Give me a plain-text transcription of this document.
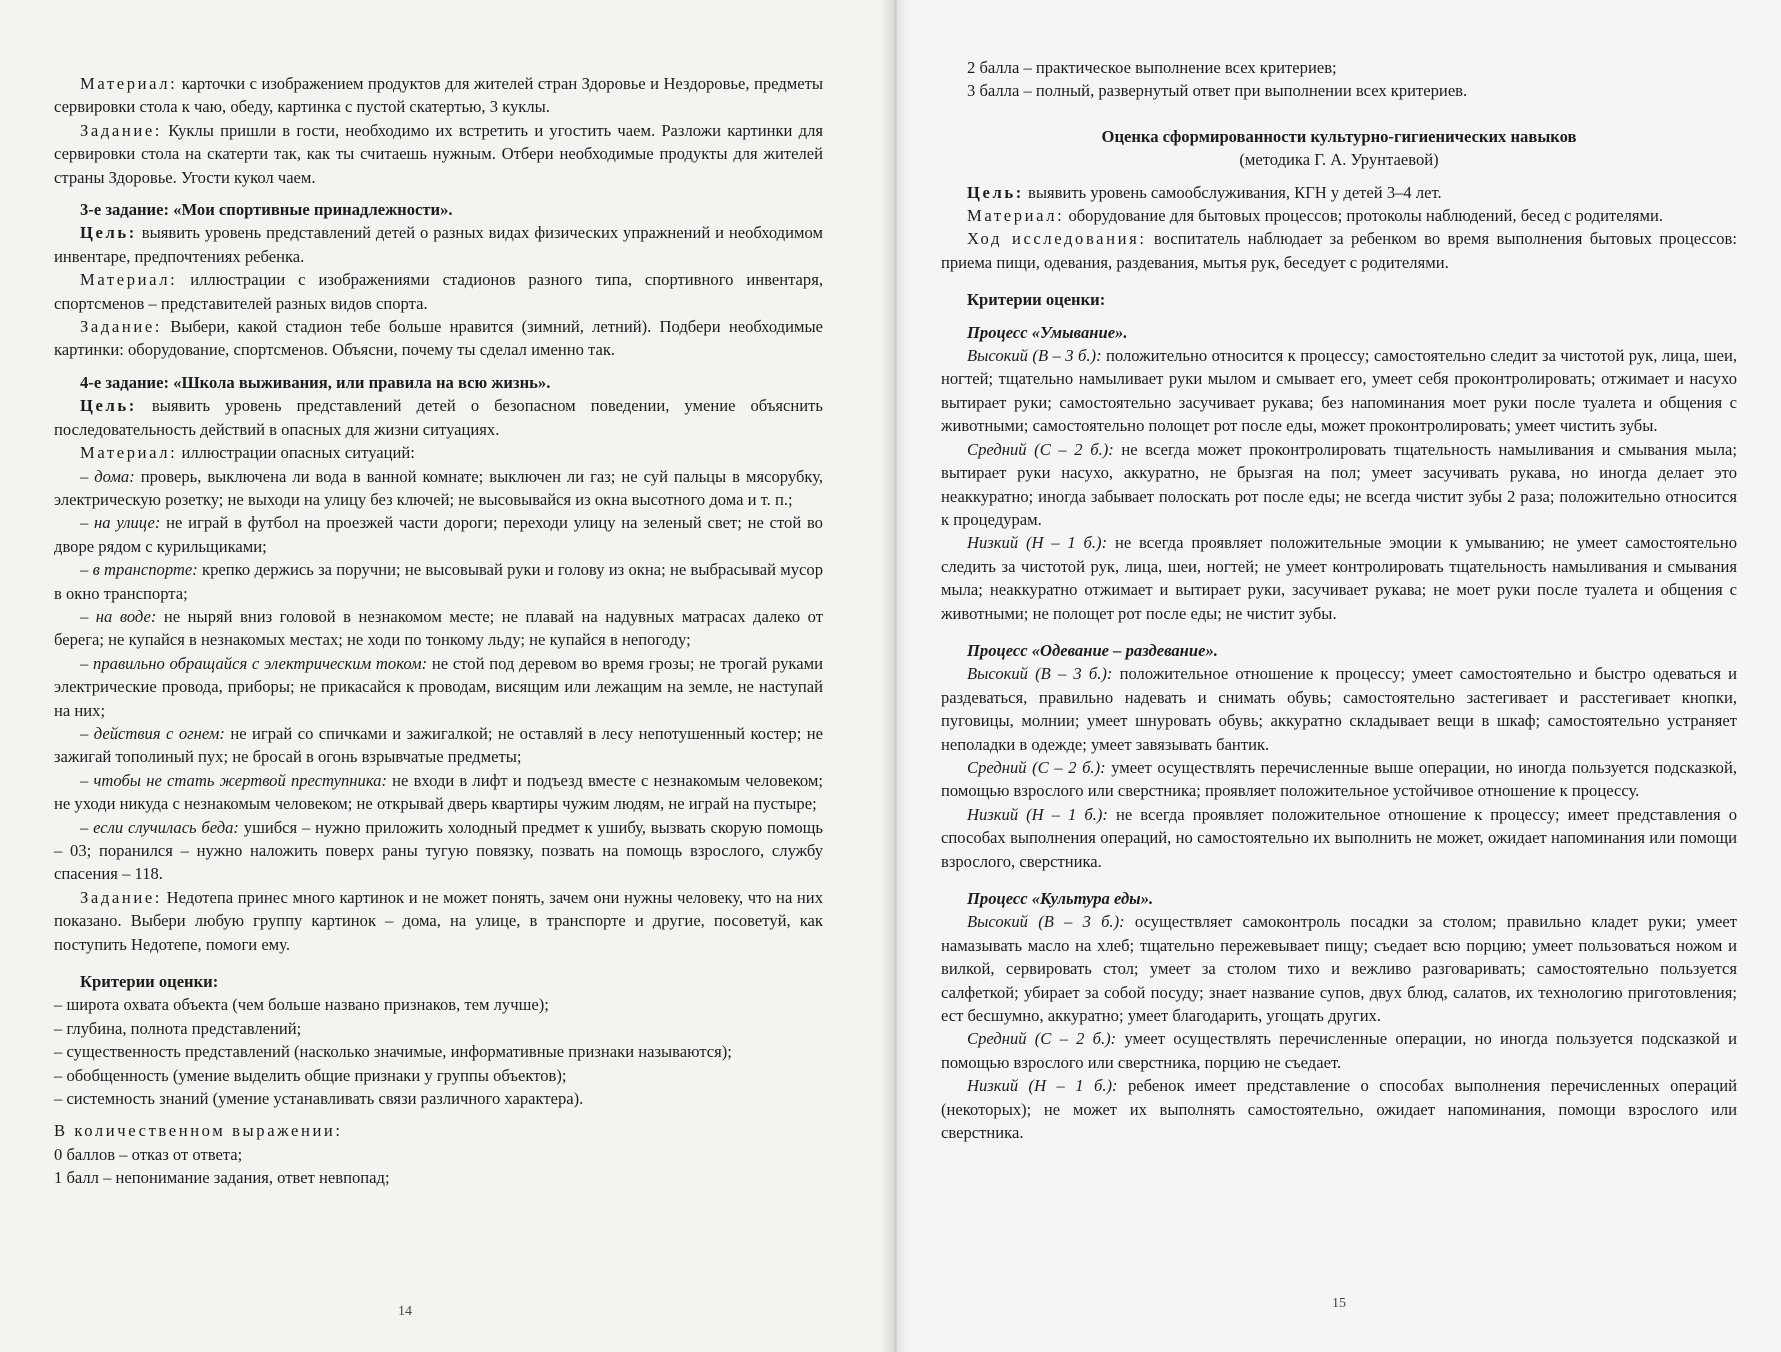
Материал: карточки с изображением продуктов для жителей стран Здоровье и Нездоровье, предметы сервировки стола к чаю, обеду, картинка с пустой скатертью, 3 куклы.

Задание: Куклы пришли в гости, необходимо их встретить и угостить чаем. Разложи картинки для сервировки стола на скатерти так, как ты считаешь нужным. Отбери необходимые продукты для жителей страны Здоровье. Угости кукол чаем.

3-е задание: «Мои спортивные принадлежности».

Цель: выявить уровень представлений детей о разных видах физических упражнений и необходимом инвентаре, предпочтениях ребенка.

Материал: иллюстрации с изображениями стадионов разного типа, спортивного инвентаря, спортсменов – представителей разных видов спорта.

Задание: Выбери, какой стадион тебе больше нравится (зимний, летний). Подбери необходимые картинки: оборудование, спортсменов. Объясни, почему ты сделал именно так.

4-е задание: «Школа выживания, или правила на всю жизнь».

Цель: выявить уровень представлений детей о безопасном поведении, умение объяснить последовательность действий в опасных для жизни ситуациях.

Материал: иллюстрации опасных ситуаций:

– дома: проверь, выключена ли вода в ванной комнате; выключен ли газ; не суй пальцы в мясорубку, электрическую розетку; не выходи на улицу без ключей; не высовывайся из окна высотного дома и т. п.;

– на улице: не играй в футбол на проезжей части дороги; переходи улицу на зеленый свет; не стой во дворе рядом с курильщиками;

– в транспорте: крепко держись за поручни; не высовывай руки и голову из окна; не выбрасывай мусор в окно транспорта;

– на воде: не ныряй вниз головой в незнакомом месте; не плавай на надувных матрасах далеко от берега; не купайся в незнакомых местах; не ходи по тонкому льду; не купайся в непогоду;

– правильно обращайся с электрическим током: не стой под деревом во время грозы; не трогай руками электрические провода, приборы; не прикасайся к проводам, висящим или лежащим на земле, не наступай на них;

– действия с огнем: не играй со спичками и зажигалкой; не оставляй в лесу непотушенный костер; не зажигай тополиный пух; не бросай в огонь взрывчатые предметы;

– чтобы не стать жертвой преступника: не входи в лифт и подъезд вместе с незнакомым человеком; не уходи никуда с незнакомым человеком; не открывай дверь квартиры чужим людям, не играй на пустыре;

– если случилась беда: ушибся – нужно приложить холодный предмет к ушибу, вызвать скорую помощь – 03; поранился – нужно наложить поверх раны тугую повязку, позвать на помощь взрослого, службу спасения – 118.

Задание: Недотепа принес много картинок и не может понять, зачем они нужны человеку, что на них показано. Выбери любую группу картинок – дома, на улице, в транспорте и другие, посоветуй, как поступить Недотепе, помоги ему.

Критерии оценки:

– широта охвата объекта (чем больше названо признаков, тем лучше);

– глубина, полнота представлений;

– существенность представлений (насколько значимые, информативные признаки называются);

– обобщенность (умение выделить общие признаки у группы объектов);

– системность знаний (умение устанавливать связи различного характера).

В количественном выражении:

0 баллов – отказ от ответа;

1 балл – непонимание задания, ответ невпопад;

14

2 балла – практическое выполнение всех критериев;

3 балла – полный, развернутый ответ при выполнении всех критериев.

Оценка сформированности культурно-гигиенических навыков

(методика Г. А. Урунтаевой)

Цель: выявить уровень самообслуживания, КГН у детей 3–4 лет.

Материал: оборудование для бытовых процессов; протоколы наблюдений, бесед с родителями.

Ход исследования: воспитатель наблюдает за ребенком во время выполнения бытовых процессов: приема пищи, одевания, раздевания, мытья рук, беседует с родителями.

Критерии оценки:

Процесс «Умывание».

Высокий (В – 3 б.): положительно относится к процессу; самостоятельно следит за чистотой рук, лица, шеи, ногтей; тщательно намыливает руки мылом и смывает его, умеет себя проконтролировать; отжимает и насухо вытирает руки; самостоятельно засучивает рукава; без напоминания моет руки после туалета и общения с животными; самостоятельно полощет рот после еды, может проконтролировать; умеет чистить зубы.

Средний (С – 2 б.): не всегда может проконтролировать тщательность намыливания и смывания мыла; вытирает руки насухо, аккуратно, не брызгая на пол; умеет засучивать рукава, но иногда делает это неаккуратно; иногда забывает полоскать рот после еды; не всегда чистит зубы 2 раза; положительно относится к процедурам.

Низкий (Н – 1 б.): не всегда проявляет положительные эмоции к умыванию; не умеет самостоятельно следить за чистотой рук, лица, шеи, ногтей; не умеет контролировать тщательность намыливания и смывания мыла; неаккуратно отжимает и вытирает руки, засучивает рукава; не моет руки после туалета и общения с животными; не полощет рот после еды; не чистит зубы.

Процесс «Одевание – раздевание».

Высокий (В – 3 б.): положительное отношение к процессу; умеет самостоятельно и быстро одеваться и раздеваться, правильно надевать и снимать обувь; самостоятельно застегивает и расстегивает кнопки, пуговицы, молнии; умеет шнуровать обувь; аккуратно складывает вещи в шкаф; самостоятельно устраняет неполадки в одежде; умеет завязывать бантик.

Средний (С – 2 б.): умеет осуществлять перечисленные выше операции, но иногда пользуется подсказкой, помощью взрослого или сверстника; проявляет положительное устойчивое отношение к процессу.

Низкий (Н – 1 б.): не всегда проявляет положительное отношение к процессу; имеет представления о способах выполнения операций, но самостоятельно их выполнить не может, ожидает напоминания или помощи взрослого, сверстника.

Процесс «Культура еды».

Высокий (В – 3 б.): осуществляет самоконтроль посадки за столом; правильно кладет руки; умеет намазывать масло на хлеб; тщательно пережевывает пищу; съедает всю порцию; умеет пользоваться ножом и вилкой, сервировать стол; умеет за столом тихо и вежливо разговаривать; самостоятельно пользуется салфеткой; убирает за собой посуду; знает название супов, двух блюд, салатов, их технологию приготовления; ест бесшумно, аккуратно; умеет благодарить, угощать других.

Средний (С – 2 б.): умеет осуществлять перечисленные операции, но иногда пользуется подсказкой и помощью взрослого или сверстника, порцию не съедает.

Низкий (Н – 1 б.): ребенок имеет представление о способах выполнения перечисленных операций (некоторых); не может их выполнять самостоятельно, ожидает напоминания, помощи взрослого или сверстника.

15
